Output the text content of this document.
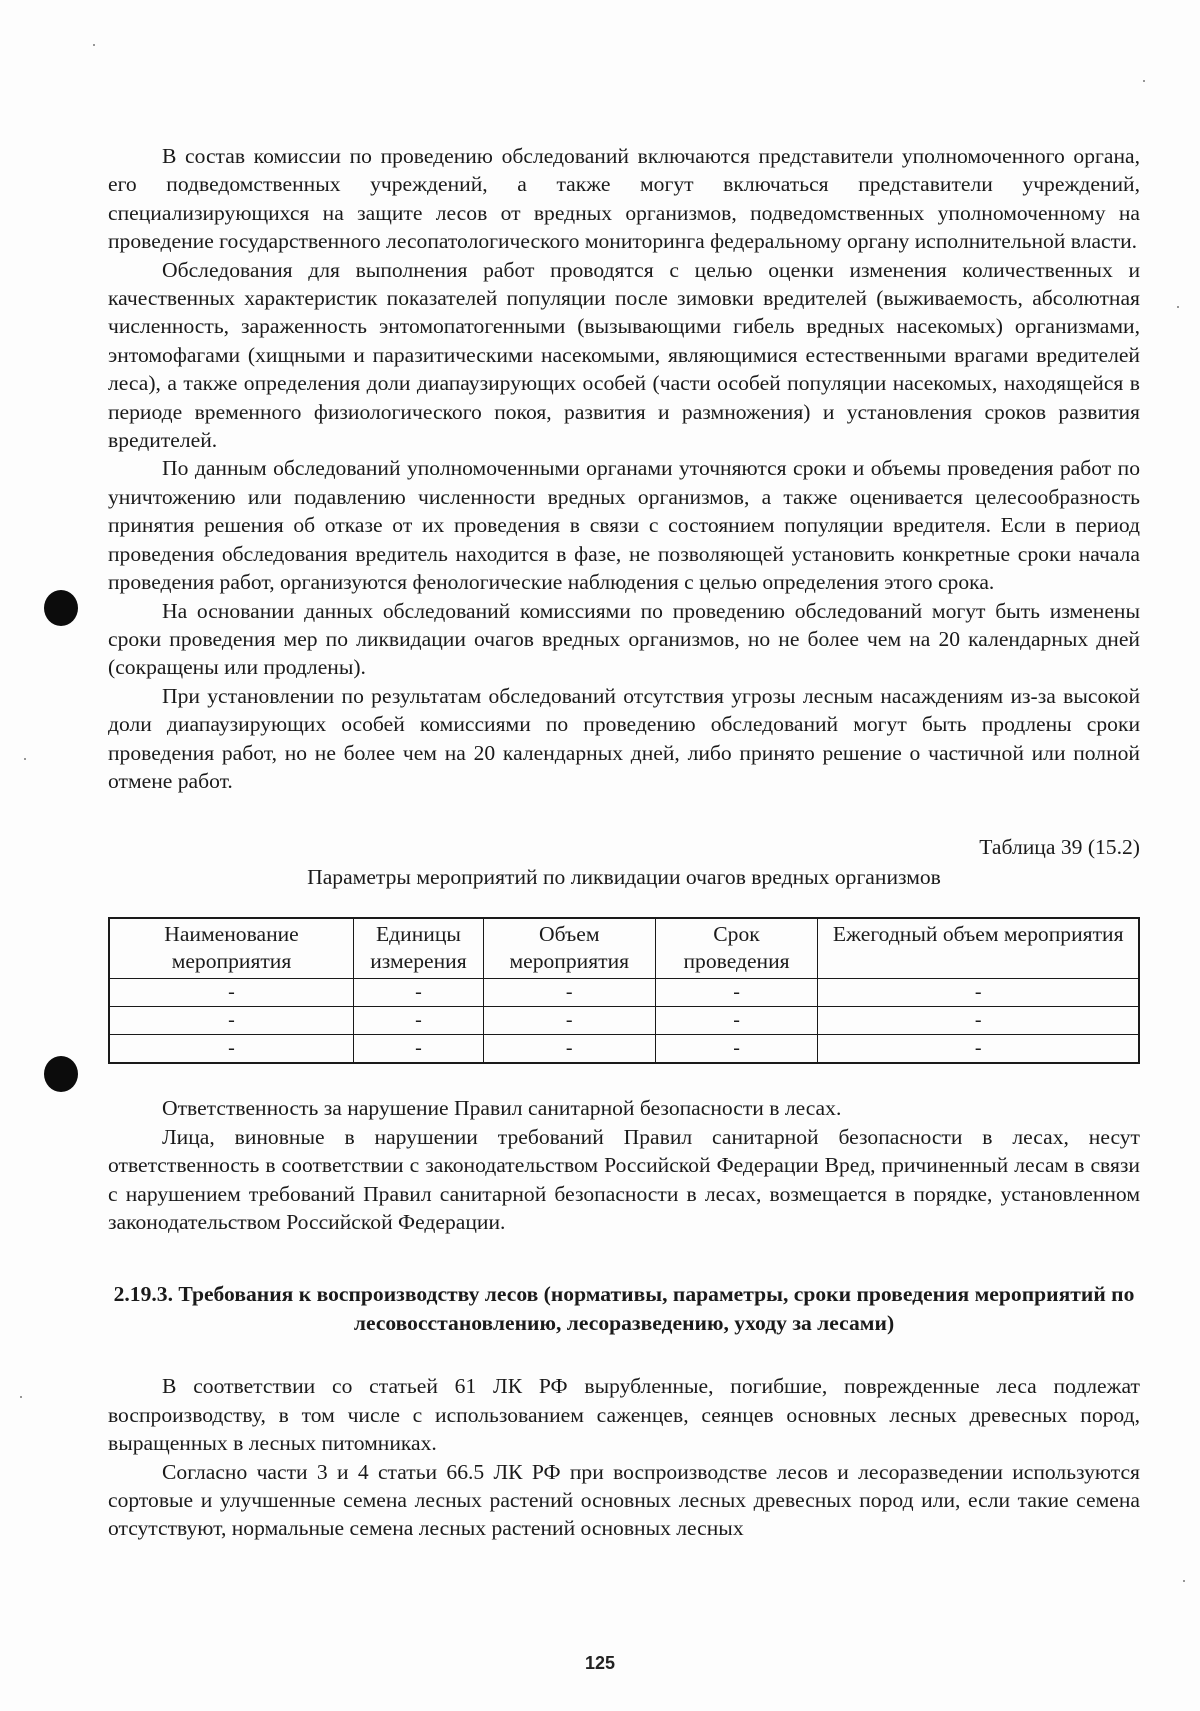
В состав комиссии по проведению обследований включаются представители уполномоченного органа, его подведомственных учреждений, а также могут включаться представители учреждений, специализирующихся на защите лесов от вредных организмов, подведомственных уполномоченному на проведение государственного лесопатологического мониторинга федеральному органу исполнительной власти.

Обследования для выполнения работ проводятся с целью оценки изменения количественных и качественных характеристик показателей популяции после зимовки вредителей (выживаемость, абсолютная численность, зараженность энтомопатогенными (вызывающими гибель вредных насекомых) организмами, энтомофагами (хищными и паразитическими насекомыми, являющимися естественными врагами вредителей леса), а также определения доли диапаузирующих особей (части особей популяции насекомых, находящейся в периоде временного физиологического покоя, развития и размножения) и установления сроков развития вредителей.

По данным обследований уполномоченными органами уточняются сроки и объемы проведения работ по уничтожению или подавлению численности вредных организмов, а также оценивается целесообразность принятия решения об отказе от их проведения в связи с состоянием популяции вредителя. Если в период проведения обследования вредитель находится в фазе, не позволяющей установить конкретные сроки начала проведения работ, организуются фенологические наблюдения с целью определения этого срока.

На основании данных обследований комиссиями по проведению обследований могут быть изменены сроки проведения мер по ликвидации очагов вредных организмов, но не более чем на 20 календарных дней (сокращены или продлены).

При установлении по результатам обследований отсутствия угрозы лесным насаждениям из-за высокой доли диапаузирующих особей комиссиями по проведению обследований могут быть продлены сроки проведения работ, но не более чем на 20 календарных дней, либо принято решение о частичной или полной отмене работ.

Таблица 39 (15.2)
Параметры мероприятий по ликвидации очагов вредных организмов
Наименование мероприятия	Единицы измерения	Объем мероприятия	Срок проведения	Ежегодный объем мероприятия
-	-	-	-	-
-	-	-	-	-
-	-	-	-	-

Ответственность за нарушение Правил санитарной безопасности в лесах.

Лица, виновные в нарушении требований Правил санитарной безопасности в лесах, несут ответственность в соответствии с законодательством Российской Федерации Вред, причиненный лесам в связи с нарушением требований Правил санитарной безопасности в лесах, возмещается в порядке, установленном законодательством Российской Федерации.

2.19.3. Требования к воспроизводству лесов (нормативы, параметры, сроки проведения мероприятий по лесовосстановлению, лесоразведению, уходу за лесами)

В соответствии со статьей 61 ЛК РФ вырубленные, погибшие, поврежденные леса подлежат воспроизводству, в том числе с использованием саженцев, сеянцев основных лесных древесных пород, выращенных в лесных питомниках.

Согласно части 3 и 4 статьи 66.5 ЛК РФ при воспроизводстве лесов и лесоразведении используются сортовые и улучшенные семена лесных растений основных лесных древесных пород или, если такие семена отсутствуют, нормальные семена лесных растений основных лесных

125
